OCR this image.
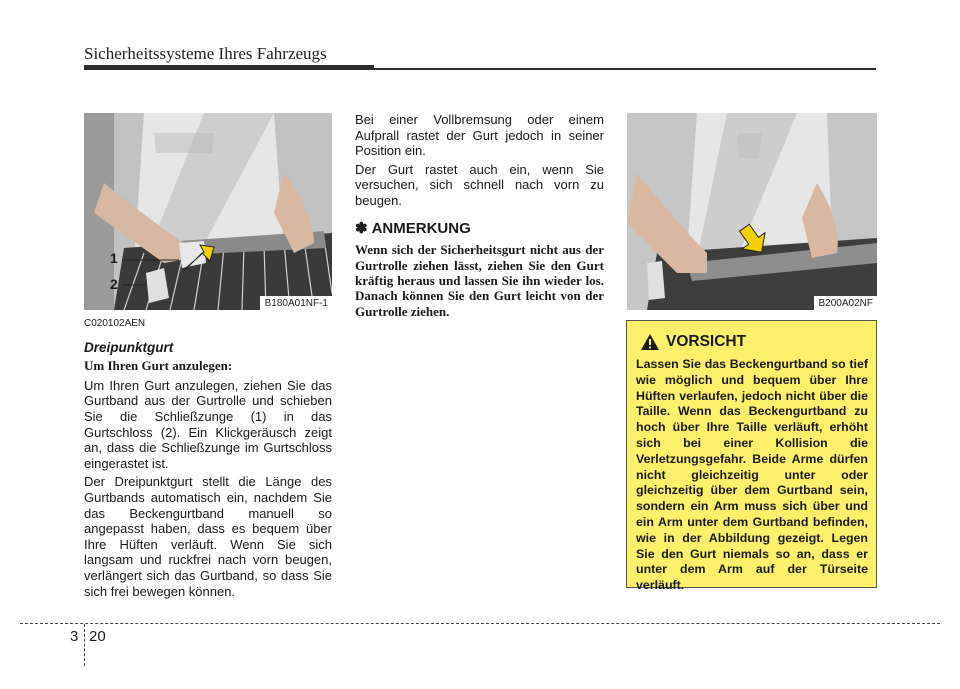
Sicherheitssysteme Ihres Fahrzeugs
1
2
B180A01NF-1	B200A02NF
C020102AEN
Dreipunktgurt
Um Ihren Gurt anzulegen:

Um Ihren Gurt anzulegen, ziehen Sie das Gurtband aus der Gurtrolle und schieben Sie die Schließzunge (1) in das Gurtschloss (2). Ein Klickgeräusch zeigt an, dass die Schließzunge im Gurtschloss eingerastet ist.

Der Dreipunktgurt stellt die Länge des Gurtbands automatisch ein, nachdem Sie das Beckengurtband manuell so angepasst haben, dass es bequem über Ihre Hüften verläuft. Wenn Sie sich langsam und ruckfrei nach vorn beugen, verlängert sich das Gurtband, so dass Sie sich frei bewegen können.

Bei einer Vollbremsung oder einem Aufprall rastet der Gurt jedoch in seiner Position ein.

Der Gurt rastet auch ein, wenn Sie versuchen, sich schnell nach vorn zu beugen.

✽ ANMERKUNG
Wenn sich der Sicherheitsgurt nicht aus der Gurtrolle ziehen lässt, ziehen Sie den Gurt kräftig heraus und lassen Sie ihn wieder los. Danach können Sie den Gurt leicht von der Gurtrolle ziehen.
VORSICHT
Lassen Sie das Beckengurtband so tief wie möglich und bequem über Ihre Hüften verlaufen, jedoch nicht über die Taille. Wenn das Beckengurtband zu hoch über Ihre Taille verläuft, erhöht sich bei einer Kollision die Verletzungsgefahr. Beide Arme dürfen nicht gleichzeitig unter oder gleichzeitig über dem Gurtband sein, sondern ein Arm muss sich über und ein Arm unter dem Gurtband befinden, wie in der Abbildung gezeigt. Legen Sie den Gurt niemals so an, dass er unter dem Arm auf der Türseite verläuft.
3 20
